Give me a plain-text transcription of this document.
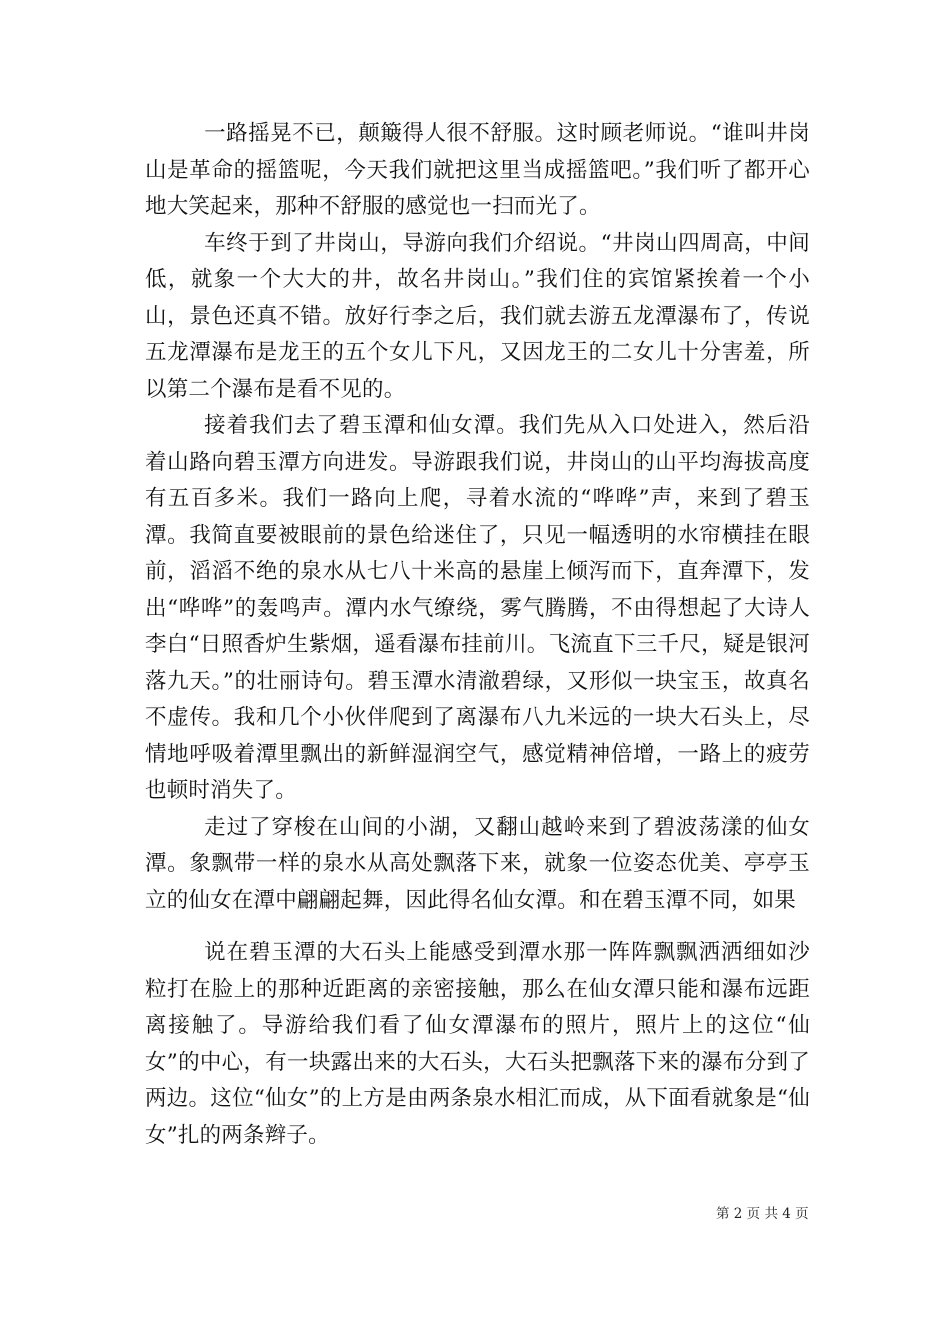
一路摇晃不已，颠簸得人很不舒服。这时顾老师说。“谁叫井岗山是革命的摇篮呢，今天我们就把这里当成摇篮吧。”我们听了都开心地大笑起来，那种不舒服的感觉也一扫而光了。

车终于到了井岗山，导游向我们介绍说。“井岗山四周高，中间低，就象一个大大的井，故名井岗山。”我们住的宾馆紧挨着一个小山，景色还真不错。放好行李之后，我们就去游五龙潭瀑布了，传说五龙潭瀑布是龙王的五个女儿下凡，又因龙王的二女儿十分害羞，所以第二个瀑布是看不见的。

接着我们去了碧玉潭和仙女潭。我们先从入口处进入，然后沿着山路向碧玉潭方向进发。导游跟我们说，井岗山的山平均海拔高度有五百多米。我们一路向上爬，寻着水流的“哗哗”声，来到了碧玉潭。我简直要被眼前的景色给迷住了，只见一幅透明的水帘横挂在眼前，滔滔不绝的泉水从七八十米高的悬崖上倾泻而下，直奔潭下，发出“哗哗”的轰鸣声。潭内水气缭绕，雾气腾腾，不由得想起了大诗人李白“日照香炉生紫烟，遥看瀑布挂前川。飞流直下三千尺，疑是银河落九天。”的壮丽诗句。碧玉潭水清澈碧绿，又形似一块宝玉，故真名不虚传。我和几个小伙伴爬到了离瀑布八九米远的一块大石头上，尽情地呼吸着潭里飘出的新鲜湿润空气，感觉精神倍增，一路上的疲劳也顿时消失了。

走过了穿梭在山间的小湖，又翻山越岭来到了碧波荡漾的仙女潭。象飘带一样的泉水从高处飘落下来，就象一位姿态优美、亭亭玉立的仙女在潭中翩翩起舞，因此得名仙女潭。和在碧玉潭不同，如果

说在碧玉潭的大石头上能感受到潭水那一阵阵飘飘洒洒细如沙粒打在脸上的那种近距离的亲密接触，那么在仙女潭只能和瀑布远距离接触了。导游给我们看了仙女潭瀑布的照片，照片上的这位“仙女”的中心，有一块露出来的大石头，大石头把飘落下来的瀑布分到了两边。这位“仙女”的上方是由两条泉水相汇而成，从下面看就象是“仙女”扎的两条辫子。

第 2 页 共 4 页
